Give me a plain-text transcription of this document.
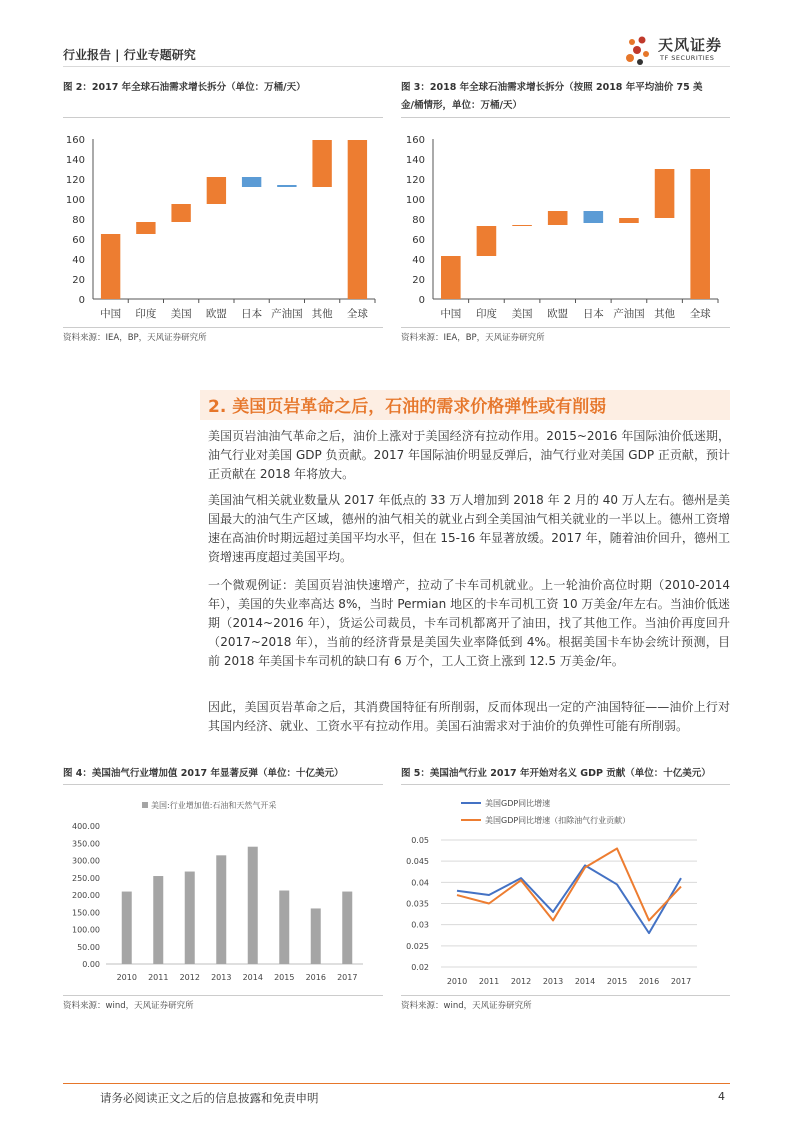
行业报告 | 行业专题研究
天风证券
TF SECURITIES
图 2：2017 年全球石油需求增长拆分（单位：万桶/天）
0
20
40
60
80
100
120
140
160
中国 印度 美国 欧盟 日本 产油国 其他 全球
资料来源：IEA，BP，天风证券研究所
图 3：2018 年全球石油需求增长拆分（按照 2018 年平均油价 75 美
金/桶情形，单位：万桶/天）
0
20
40
60
80
100
120
140
160
中国 印度 美国 欧盟 日本 产油国 其他 全球
资料来源：IEA，BP，天风证券研究所
2. 美国页岩革命之后，石油的需求价格弹性或有削弱

美国页岩油油气革命之后，油价上涨对于美国经济有拉动作用。2015~2016 年国际油价低迷期，油气行业对美国 GDP 负贡献。2017 年国际油价明显反弹后，油气行业对美国 GDP 正贡献，预计正贡献在 2018 年将放大。

美国油气相关就业数量从 2017 年低点的 33 万人增加到 2018 年 2 月的 40 万人左右。德州是美国最大的油气生产区域，德州的油气相关的就业占到全美国油气相关就业的一半以上。德州工资增速在高油价时期远超过美国平均水平，但在 15-16 年显著放缓。2017 年，随着油价回升，德州工资增速再度超过美国平均。

一个微观例证：美国页岩油快速增产，拉动了卡车司机就业。上一轮油价高位时期（2010-2014 年），美国的失业率高达 8%，当时 Permian 地区的卡车司机工资 10 万美金/年左右。当油价低迷期（2014~2016 年），货运公司裁员，卡车司机都离开了油田，找了其他工作。当油价再度回升（2017~2018 年），当前的经济背景是美国失业率降低到 4%。根据美国卡车协会统计预测，目前 2018 年美国卡车司机的缺口有 6 万个，工人工资上涨到 12.5 万美金/年。

因此，美国页岩革命之后，其消费国特征有所削弱，反而体现出一定的产油国特征——油价上行对其国内经济、就业、工资水平有拉动作用。美国石油需求对于油价的负弹性可能有所削弱。

图 4：美国油气行业增加值 2017 年显著反弹（单位：十亿美元）
美国:行业增加值:石油和天然气开采
0.00
50.00
100.00
150.00
200.00
250.00
300.00
350.00
400.00
2010 2011 2012 2013 2014 2015 2016 2017
资料来源：wind，天风证券研究所
图 5：美国油气行业 2017 年开始对名义 GDP 贡献（单位：十亿美元）
美国GDP同比增速
美国GDP同比增速（扣除油气行业贡献）
0.02
0.025
0.03
0.035
0.04
0.045
0.05
2010 2011 2012 2013 2014 2015 2016 2017
资料来源：wind，天风证券研究所
请务必阅读正文之后的信息披露和免责申明	4
